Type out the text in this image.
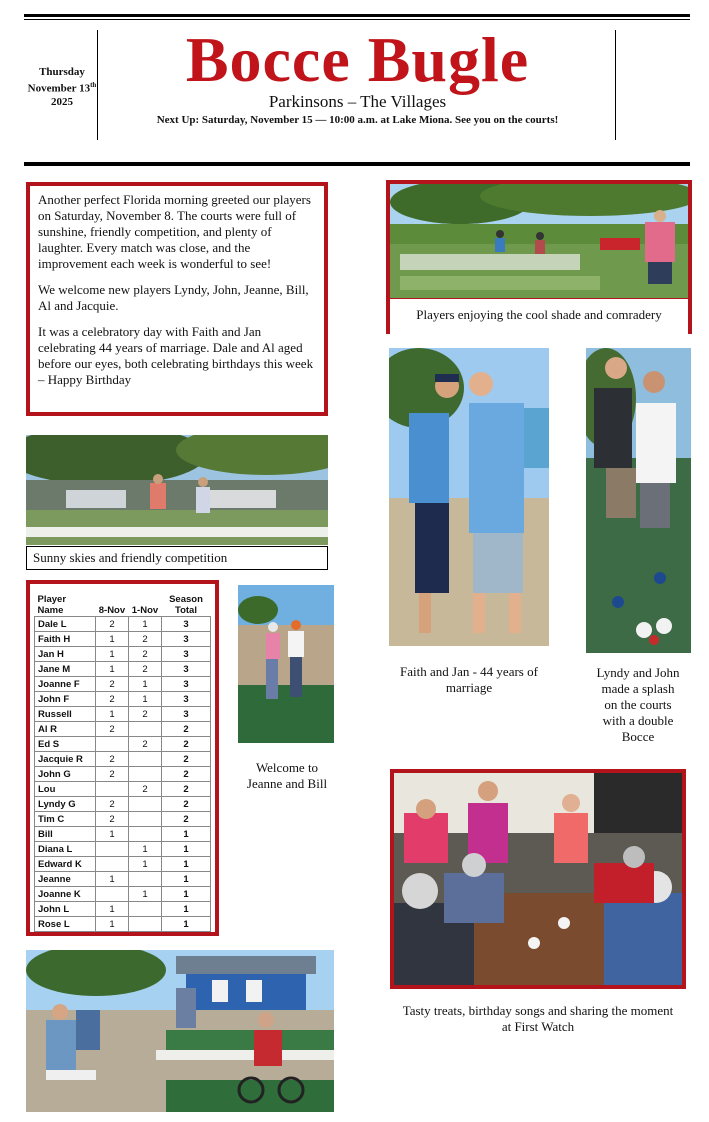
Thursday
November 13th
2025
Bocce Bugle
Parkinsons – The Villages
Next Up: Saturday, November 15 — 10:00 a.m. at Lake Miona. See you on the courts!

Another perfect Florida morning greeted our players on Saturday, November 8. The courts were full of sunshine, friendly competition, and plenty of laughter. Every match was close, and the improvement each week is wonderful to see!

We welcome new players Lyndy, John, Jeanne, Bill, Al and Jacquie.

It was a celebratory day with Faith and Jan celebrating 44 years of marriage. Dale and Al aged before our eyes, both celebrating birthdays this week – Happy Birthday

Players enjoying the cool shade and comradery
Sunny skies and friendly competition
Player Name	8-Nov	1-Nov	Season Total
Dale L	2	1	3
Faith H	1	2	3
Jan H	1	2	3
Jane M	1	2	3
Joanne F	2	1	3
John F	2	1	3
Russell	1	2	3
Al R	2		2
Ed S		2	2
Jacquie R	2		2
John G	2		2
Lou		2	2
Lyndy G	2		2
Tim C	2		2
Bill	1		1
Diana L		1	1
Edward K		1	1
Jeanne	1		1
Joanne K		1	1
John L	1		1
Rose L	1		1
Welcome to Jeanne and Bill
Faith and Jan - 44 years of marriage
Lyndy and John made a splash on the courts with a double Bocce
Tasty treats, birthday songs and sharing the moment at First Watch
